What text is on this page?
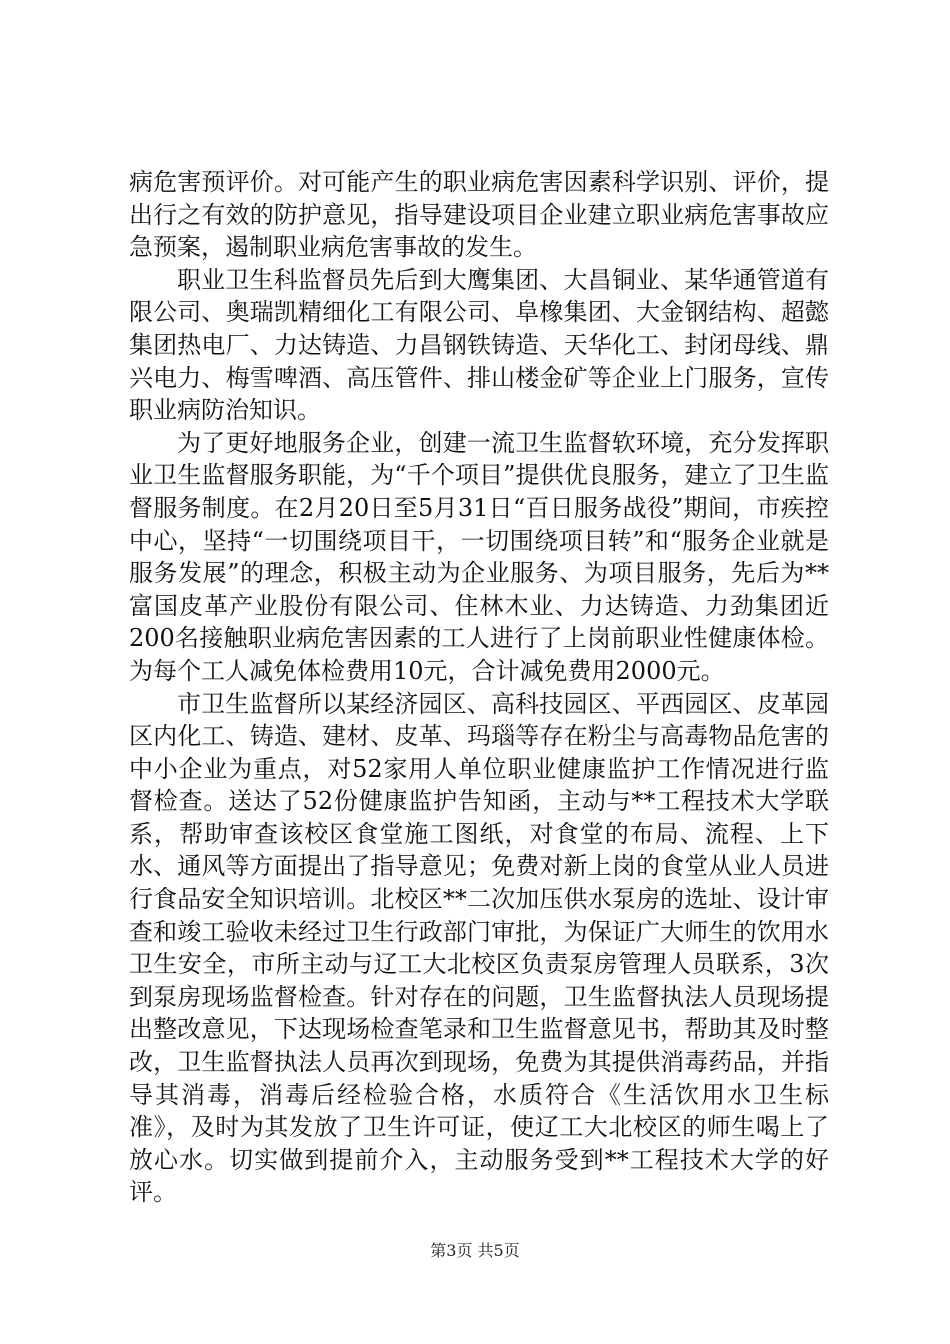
病危害预评价。对可能产生的职业病危害因素科学识别、评价，提出行之有效的防护意见，指导建设项目企业建立职业病危害事故应急预案，遏制职业病危害事故的发生。

职业卫生科监督员先后到大鹰集团、大昌铜业、某华通管道有限公司、奥瑞凯精细化工有限公司、阜橡集团、大金钢结构、超懿集团热电厂、力达铸造、力昌钢铁铸造、天华化工、封闭母线、鼎兴电力、梅雪啤酒、高压管件、排山楼金矿等企业上门服务，宣传职业病防治知识。

为了更好地服务企业，创建一流卫生监督软环境，充分发挥职业卫生监督服务职能，为“千个项目”提供优良服务，建立了卫生监督服务制度。在2月20日至5月31日“百日服务战役”期间，市疾控中心，坚持“一切围绕项目干，一切围绕项目转”和“服务企业就是服务发展”的理念，积极主动为企业服务、为项目服务，先后为**富国皮革产业股份有限公司、住林木业、力达铸造、力劲集团近200名接触职业病危害因素的工人进行了上岗前职业性健康体检。为每个工人减免体检费用10元，合计减免费用2000元。

市卫生监督所以某经济园区、高科技园区、平西园区、皮革园区内化工、铸造、建材、皮革、玛瑙等存在粉尘与高毒物品危害的中小企业为重点，对52家用人单位职业健康监护工作情况进行监督检查。送达了52份健康监护告知函，主动与**工程技术大学联系，帮助审查该校区食堂施工图纸，对食堂的布局、流程、上下水、通风等方面提出了指导意见；免费对新上岗的食堂从业人员进行食品安全知识培训。北校区**二次加压供水泵房的选址、设计审查和竣工验收未经过卫生行政部门审批，为保证广大师生的饮用水卫生安全，市所主动与辽工大北校区负责泵房管理人员联系，3次到泵房现场监督检查。针对存在的问题，卫生监督执法人员现场提出整改意见，下达现场检查笔录和卫生监督意见书，帮助其及时整改，卫生监督执法人员再次到现场，免费为其提供消毒药品，并指导其消毒，消毒后经检验合格，水质符合《生活饮用水卫生标准》，及时为其发放了卫生许可证，使辽工大北校区的师生喝上了放心水。切实做到提前介入，主动服务受到**工程技术大学的好评。

第3页 共5页
